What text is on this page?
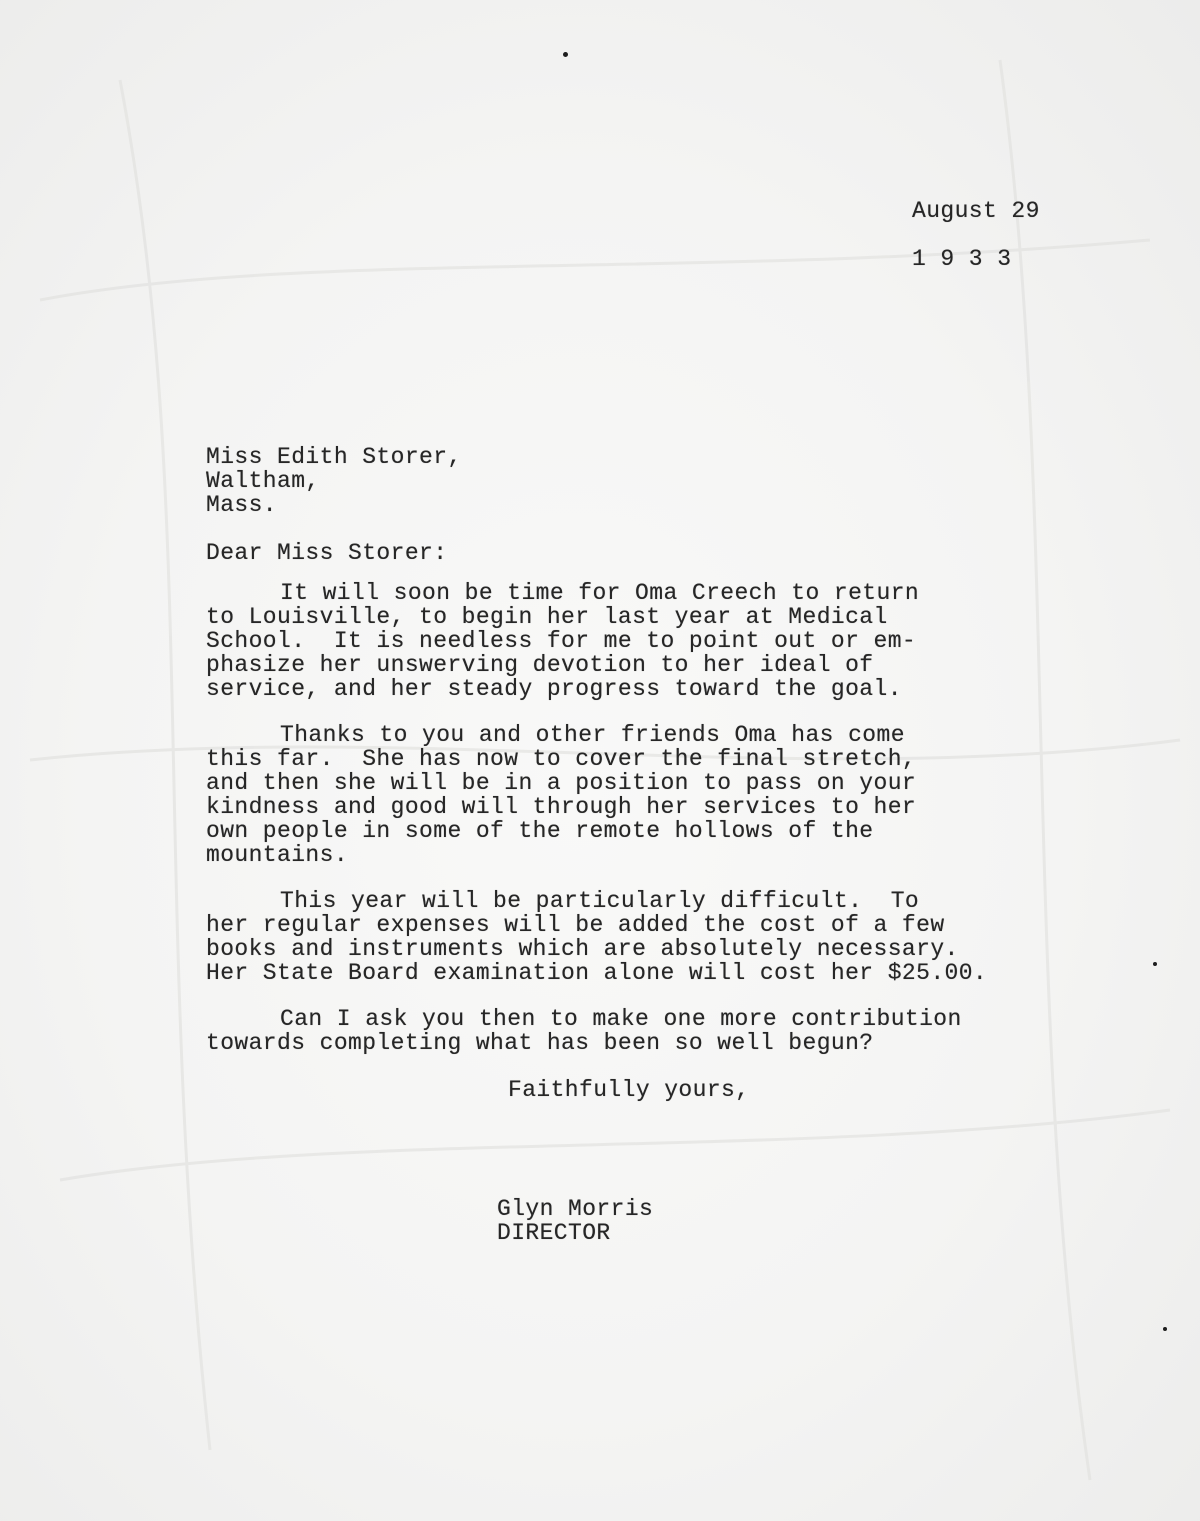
August 29

1 9 3 3

Miss Edith Storer,

Waltham,

Mass.

Dear Miss Storer:

It will soon be time for Oma Creech to return

to Louisville, to begin her last year at Medical

School.  It is needless for me to point out or em-

phasize her unswerving devotion to her ideal of

service, and her steady progress toward the goal.

Thanks to you and other friends Oma has come

this far.  She has now to cover the final stretch,

and then she will be in a position to pass on your

kindness and good will through her services to her

own people in some of the remote hollows of the

mountains.

This year will be particularly difficult.  To

her regular expenses will be added the cost of a few

books and instruments which are absolutely necessary.

Her State Board examination alone will cost her $25.00.

Can I ask you then to make one more contribution

towards completing what has been so well begun?

Faithfully yours,

Glyn Morris

DIRECTOR
